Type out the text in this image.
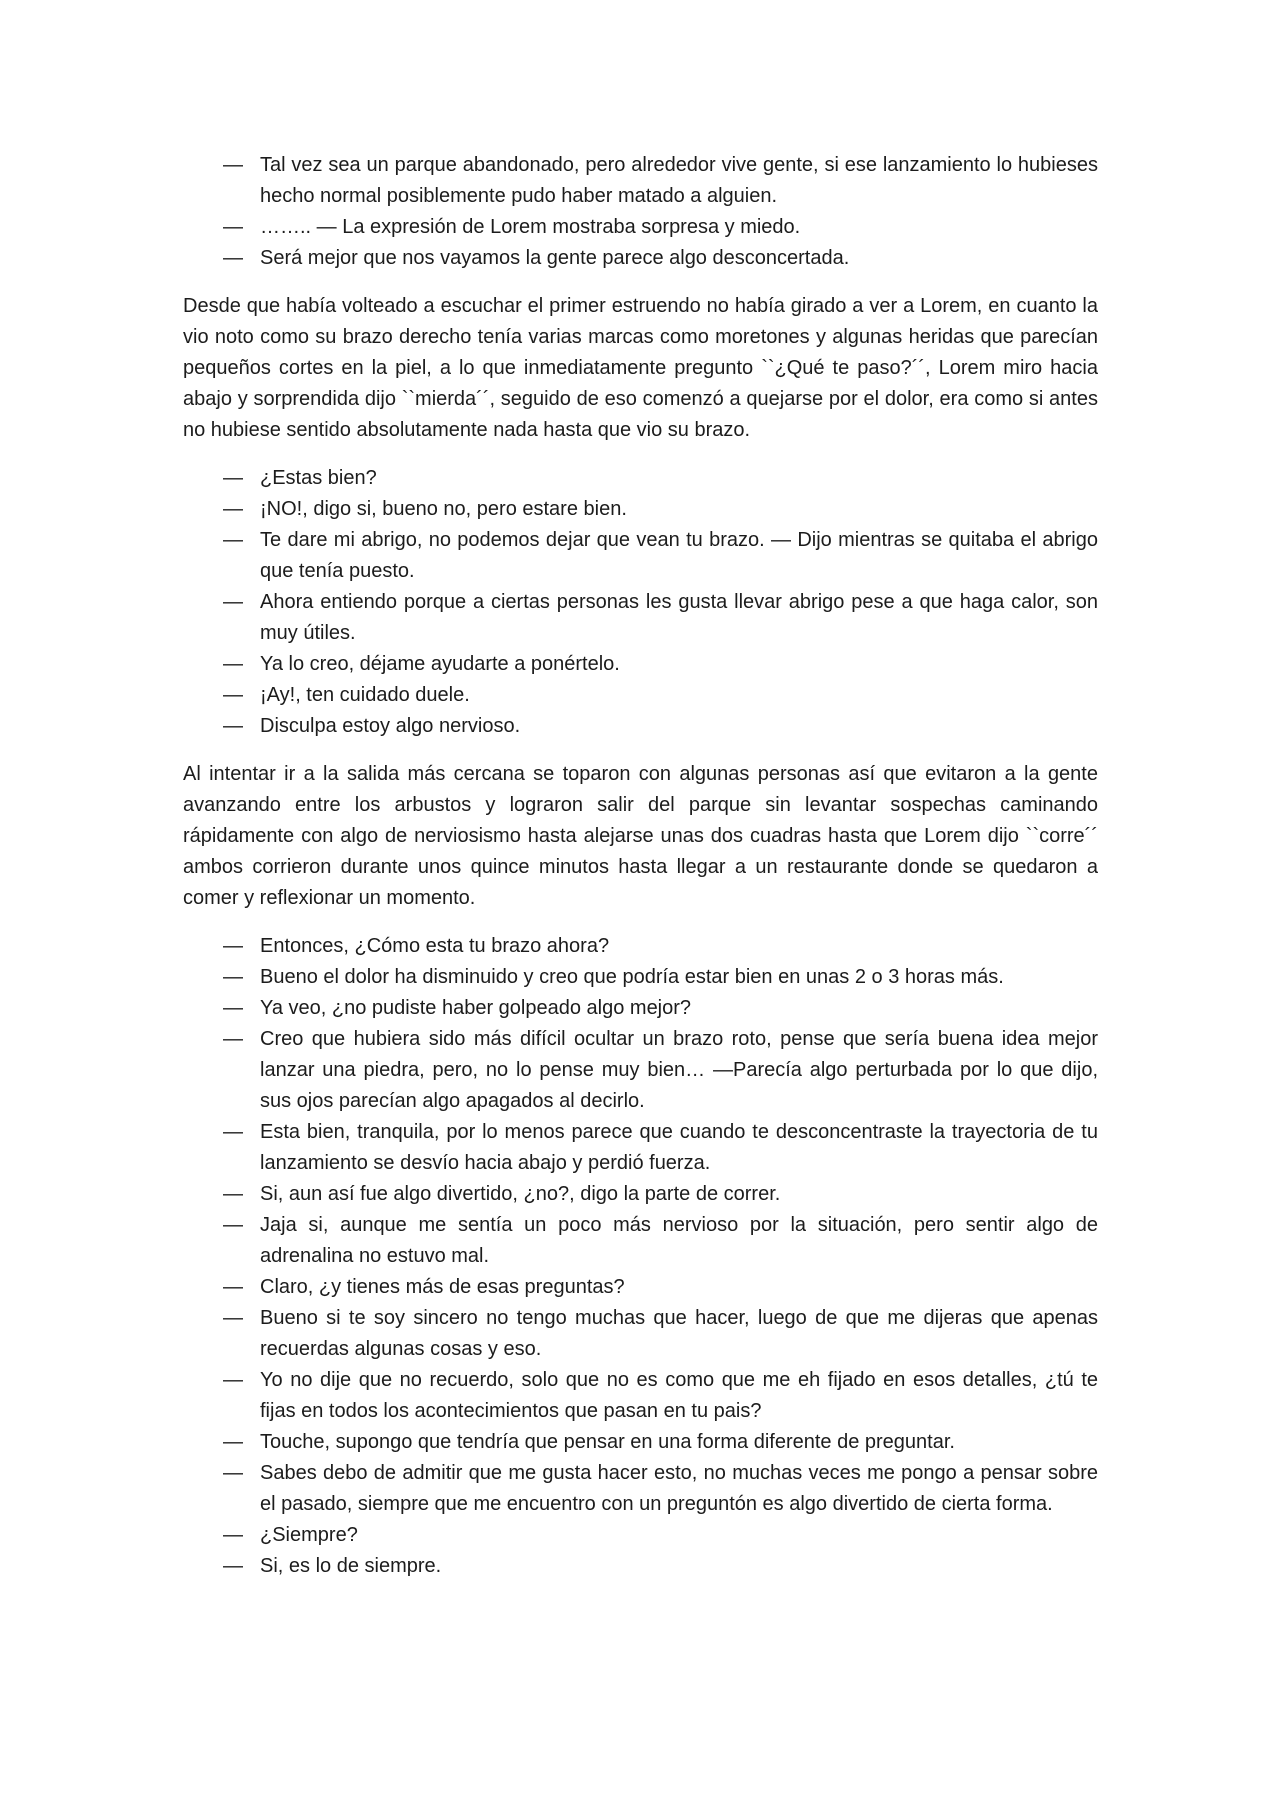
— Tal vez sea un parque abandonado, pero alrededor vive gente, si ese lanzamiento lo hubieses hecho normal posiblemente pudo haber matado a alguien.
— …….. — La expresión de Lorem mostraba sorpresa y miedo.
— Será mejor que nos vayamos la gente parece algo desconcertada.

Desde que había volteado a escuchar el primer estruendo no había girado a ver a Lorem, en cuanto la vio noto como su brazo derecho tenía varias marcas como moretones y algunas heridas que parecían pequeños cortes en la piel, a lo que inmediatamente pregunto ``¿Qué te paso?´´, Lorem miro hacia abajo y sorprendida dijo ``mierda´´, seguido de eso comenzó a quejarse por el dolor, era como si antes no hubiese sentido absolutamente nada hasta que vio su brazo.

— ¿Estas bien?
— ¡NO!, digo si, bueno no, pero estare bien.
— Te dare mi abrigo, no podemos dejar que vean tu brazo. — Dijo mientras se quitaba el abrigo que tenía puesto.
— Ahora entiendo porque a ciertas personas les gusta llevar abrigo pese a que haga calor, son muy útiles.
— Ya lo creo, déjame ayudarte a ponértelo.
— ¡Ay!, ten cuidado duele.
— Disculpa estoy algo nervioso.

Al intentar ir a la salida más cercana se toparon con algunas personas así que evitaron a la gente avanzando entre los arbustos y lograron salir del parque sin levantar sospechas caminando rápidamente con algo de nerviosismo hasta alejarse unas dos cuadras hasta que Lorem dijo ``corre´´ ambos corrieron durante unos quince minutos hasta llegar a un restaurante donde se quedaron a comer y reflexionar un momento.

— Entonces, ¿Cómo esta tu brazo ahora?
— Bueno el dolor ha disminuido y creo que podría estar bien en unas 2 o 3 horas más.
— Ya veo, ¿no pudiste haber golpeado algo mejor?
— Creo que hubiera sido más difícil ocultar un brazo roto, pense que sería buena idea mejor lanzar una piedra, pero, no lo pense muy bien… —Parecía algo perturbada por lo que dijo, sus ojos parecían algo apagados al decirlo.
— Esta bien, tranquila, por lo menos parece que cuando te desconcentraste la trayectoria de tu lanzamiento se desvío hacia abajo y perdió fuerza.
— Si, aun así fue algo divertido, ¿no?, digo la parte de correr.
— Jaja si, aunque me sentía un poco más nervioso por la situación, pero sentir algo de adrenalina no estuvo mal.
— Claro, ¿y tienes más de esas preguntas?
— Bueno si te soy sincero no tengo muchas que hacer, luego de que me dijeras que apenas recuerdas algunas cosas y eso.
— Yo no dije que no recuerdo, solo que no es como que me eh fijado en esos detalles, ¿tú te fijas en todos los acontecimientos que pasan en tu pais?
— Touche, supongo que tendría que pensar en una forma diferente de preguntar.
— Sabes debo de admitir que me gusta hacer esto, no muchas veces me pongo a pensar sobre el pasado, siempre que me encuentro con un preguntón es algo divertido de cierta forma.
— ¿Siempre?
— Si, es lo de siempre.
